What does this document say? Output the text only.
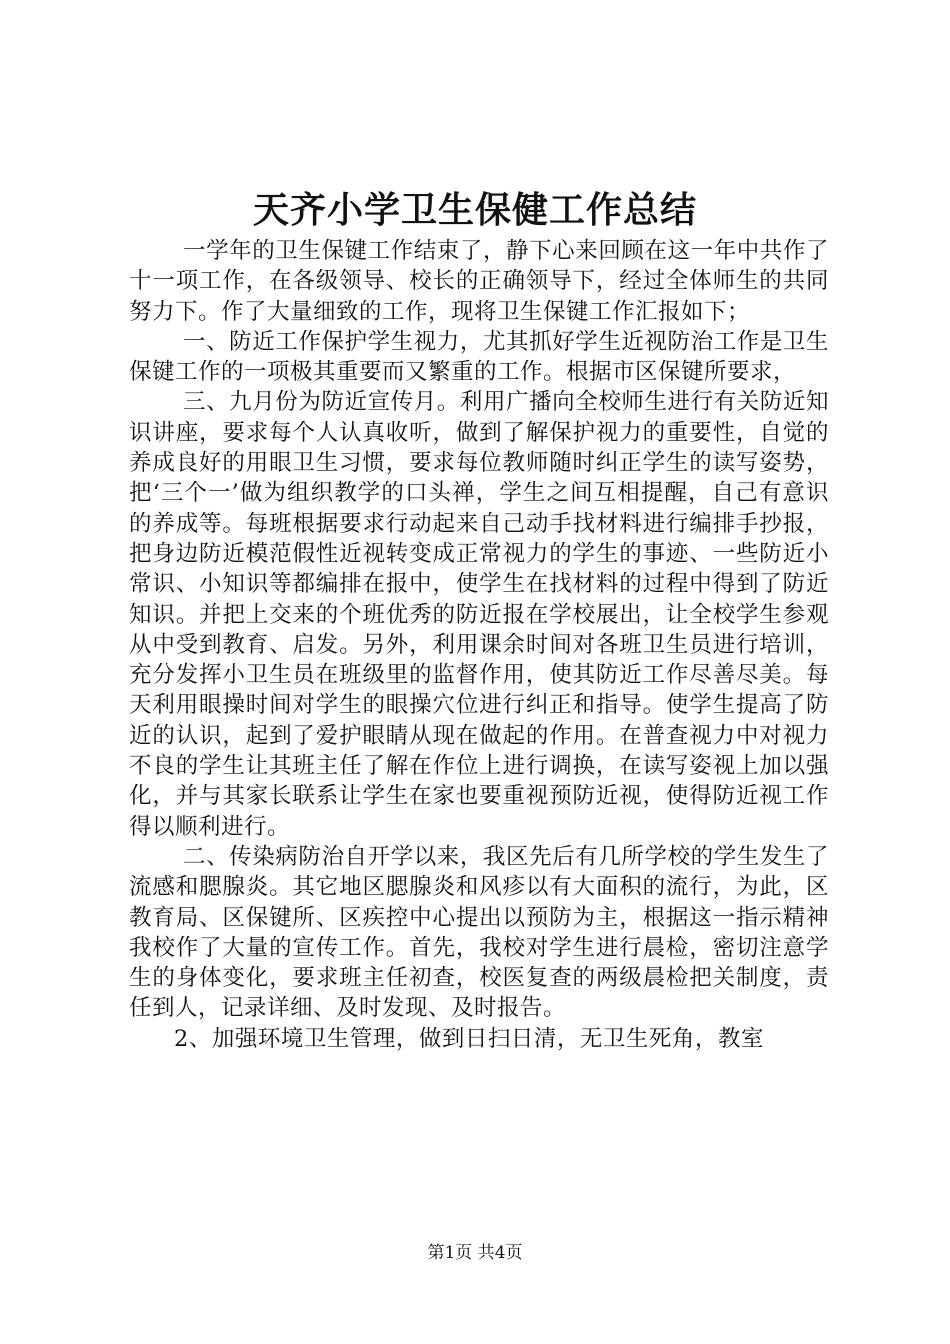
天齐小学卫生保健工作总结

一学年的卫生保键工作结束了，静下心来回顾在这一年中共作了十一项工作，在各级领导、校长的正确领导下，经过全体师生的共同努力下。作了大量细致的工作，现将卫生保键工作汇报如下；

一、防近工作保护学生视力，尤其抓好学生近视防治工作是卫生保键工作的一项极其重要而又繁重的工作。根据市区保键所要求，

三、九月份为防近宣传月。利用广播向全校师生进行有关防近知识讲座，要求每个人认真收听，做到了解保护视力的重要性，自觉的养成良好的用眼卫生习惯，要求每位教师随时纠正学生的读写姿势，把‘三个一’做为组织教学的口头禅，学生之间互相提醒，自己有意识的养成等。每班根据要求行动起来自己动手找材料进行编排手抄报，把身边防近模范假性近视转变成正常视力的学生的事迹、一些防近小常识、小知识等都编排在报中，使学生在找材料的过程中得到了防近知识。并把上交来的个班优秀的防近报在学校展出，让全校学生参观从中受到教育、启发。另外，利用课余时间对各班卫生员进行培训，充分发挥小卫生员在班级里的监督作用，使其防近工作尽善尽美。每天利用眼操时间对学生的眼操穴位进行纠正和指导。使学生提高了防近的认识，起到了爱护眼睛从现在做起的作用。在普查视力中对视力不良的学生让其班主任了解在作位上进行调换，在读写姿视上加以强化，并与其家长联系让学生在家也要重视预防近视，使得防近视工作得以顺利进行。

二、传染病防治自开学以来，我区先后有几所学校的学生发生了流感和腮腺炎。其它地区腮腺炎和风疹以有大面积的流行，为此，区教育局、区保键所、区疾控中心提出以预防为主，根据这一指示精神我校作了大量的宣传工作。首先，我校对学生进行晨检，密切注意学生的身体变化，要求班主任初查，校医复查的两级晨检把关制度，责任到人，记录详细、及时发现、及时报告。

2、加强环境卫生管理，做到日扫日清，无卫生死角，教室

第1页 共4页
